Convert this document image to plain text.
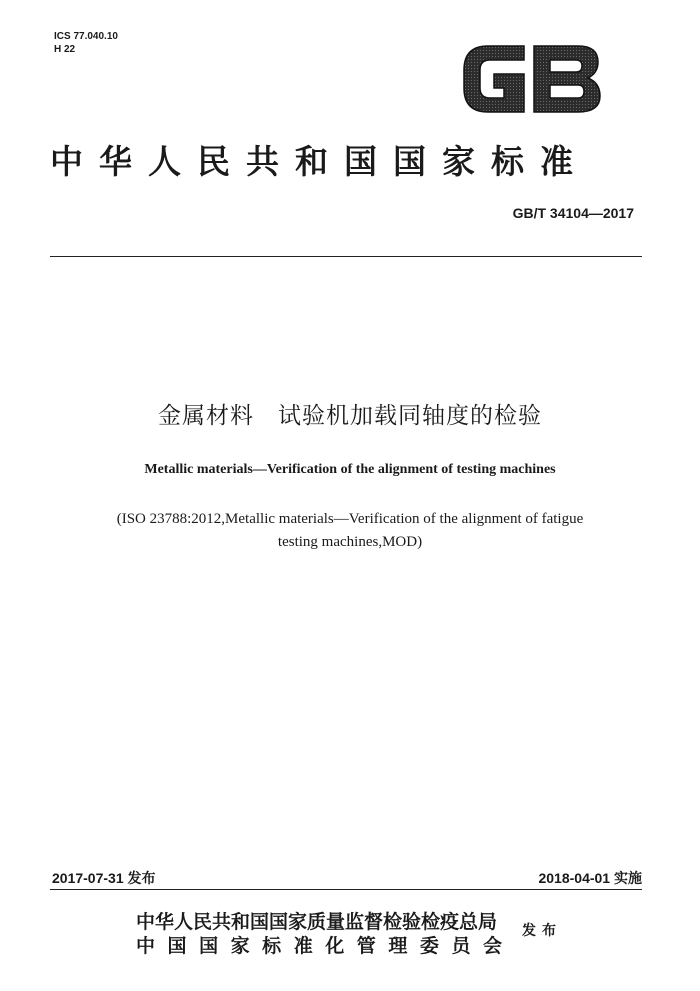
ICS 77.040.10
H 22
中华人民共和国国家标准
GB/T 34104—2017
金属材料　试验机加载同轴度的检验
Metallic materials—Verification of the alignment of testing machines
(ISO 23788:2012,Metallic materials—Verification of the alignment of fatigue
testing machines,MOD)
2017-07-31 发布	2018-04-01 实施
中华人民共和国国家质量监督检验检疫总局
中国国家标准化管理委员会
发布
